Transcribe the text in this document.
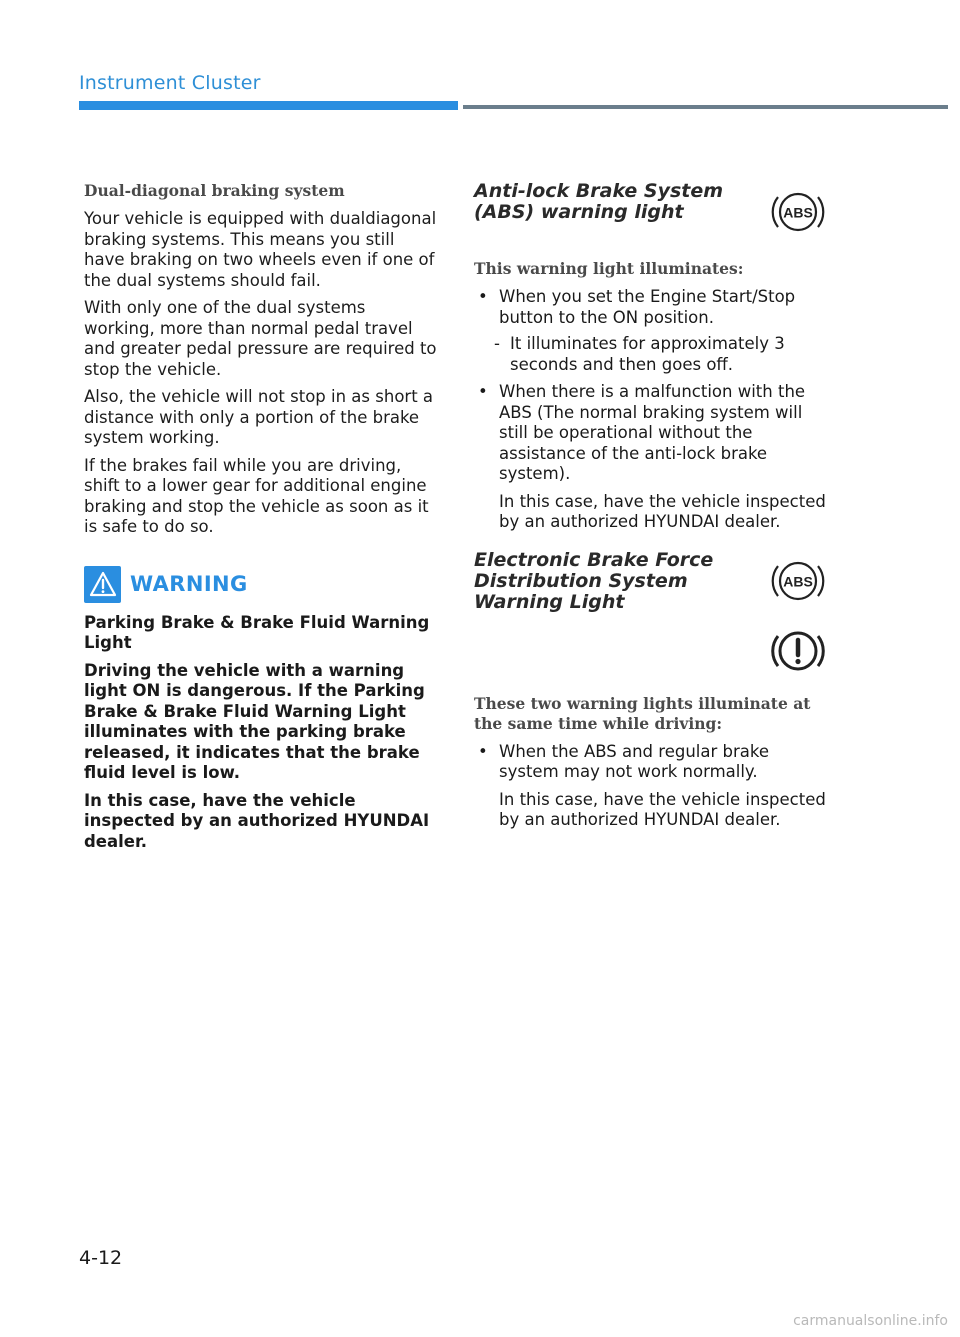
Instrument Cluster
Dual-diagonal braking system

Your vehicle is equipped with dualdiagonal braking systems. This means you still have braking on two wheels even if one of the dual systems should fail.

With only one of the dual systems working, more than normal pedal travel and greater pedal pressure are required to stop the vehicle.

Also, the vehicle will not stop in as short a distance with only a portion of the brake system working.

If the brakes fail while you are driving, shift to a lower gear for additional engine braking and stop the vehicle as soon as it is safe to do so.

WARNING

Parking Brake & Brake Fluid Warning Light

Driving the vehicle with a warning light ON is dangerous. If the Parking Brake & Brake Fluid Warning Light illuminates with the parking brake released, it indicates that the brake fluid level is low.

In this case, have the vehicle inspected by an authorized HYUNDAI dealer.

Anti-lock Brake System (ABS) warning light	ABS
This warning light illuminates:
• When you set the Engine Start/Stop button to the ON position.
- It illuminates for approximately 3 seconds and then goes off.
• When there is a malfunction with the ABS (The normal braking system will still be operational without the assistance of the anti-lock brake system).

In this case, have the vehicle inspected by an authorized HYUNDAI dealer.

Electronic Brake Force Distribution System Warning Light
ABS
These two warning lights illuminate at the same time while driving:
• When the ABS and regular brake system may not work normally.

In this case, have the vehicle inspected by an authorized HYUNDAI dealer.

4-12
carmanualsonline.info
